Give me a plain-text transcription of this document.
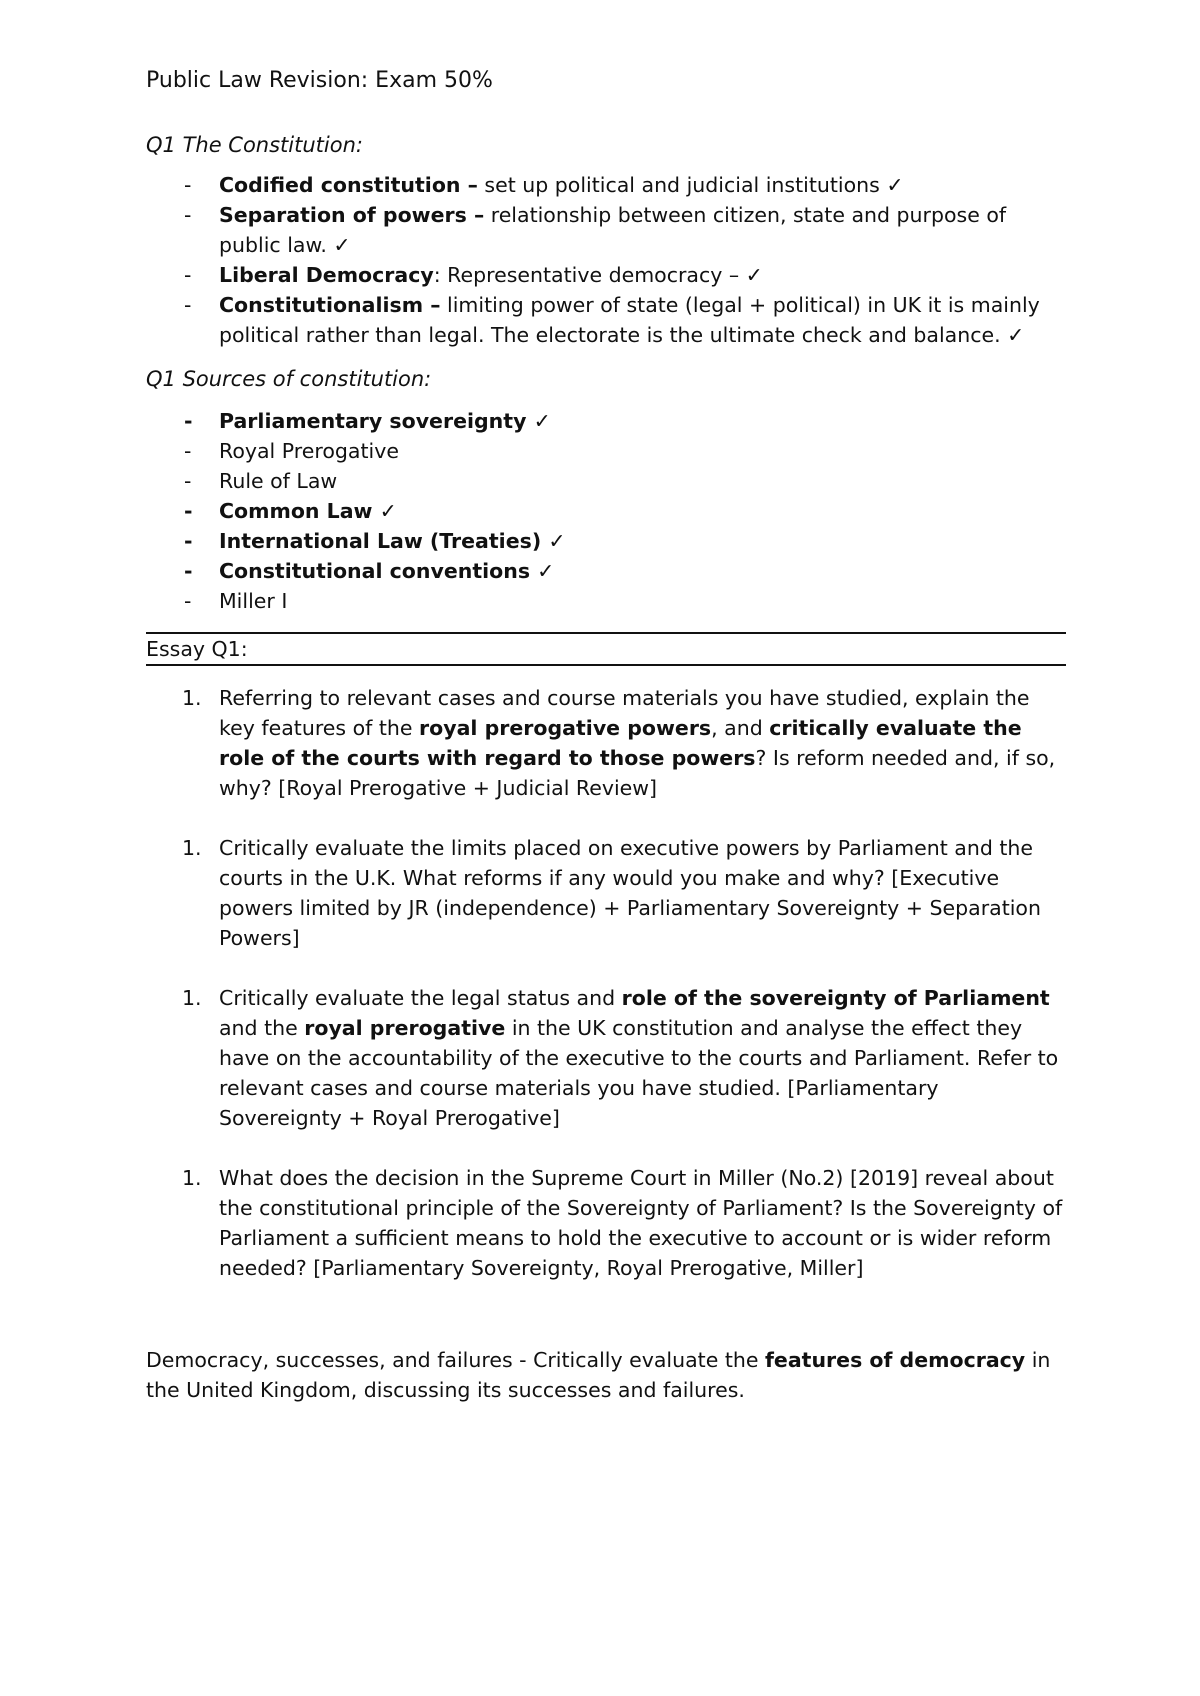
Public Law Revision: Exam 50%

Q1 The Constitution:

- Codified constitution – set up political and judicial institutions ✓
- Separation of powers – relationship between citizen, state and purpose of public law. ✓
- Liberal Democracy: Representative democracy – ✓
- Constitutionalism – limiting power of state (legal + political) in UK it is mainly political rather than legal. The electorate is the ultimate check and balance. ✓

Q1 Sources of constitution:

- Parliamentary sovereignty ✓
- Royal Prerogative
- Rule of Law
- Common Law ✓
- International Law (Treaties) ✓
- Constitutional conventions ✓
- Miller I

Essay Q1:

1. Referring to relevant cases and course materials you have studied, explain the key features of the royal prerogative powers, and critically evaluate the role of the courts with regard to those powers? Is reform needed and, if so, why? [Royal Prerogative + Judicial Review]
1. Critically evaluate the limits placed on executive powers by Parliament and the courts in the U.K. What reforms if any would you make and why? [Executive powers limited by JR (independence) + Parliamentary Sovereignty + Separation Powers]
1. Critically evaluate the legal status and role of the sovereignty of Parliament and the royal prerogative in the UK constitution and analyse the effect they have on the accountability of the executive to the courts and Parliament. Refer to relevant cases and course materials you have studied. [Parliamentary Sovereignty + Royal Prerogative]
1. What does the decision in the Supreme Court in Miller (No.2) [2019] reveal about the constitutional principle of the Sovereignty of Parliament? Is the Sovereignty of Parliament a sufficient means to hold the executive to account or is wider reform needed? [Parliamentary Sovereignty, Royal Prerogative, Miller]

Democracy, successes, and failures - Critically evaluate the features of democracy in the United Kingdom, discussing its successes and failures.
